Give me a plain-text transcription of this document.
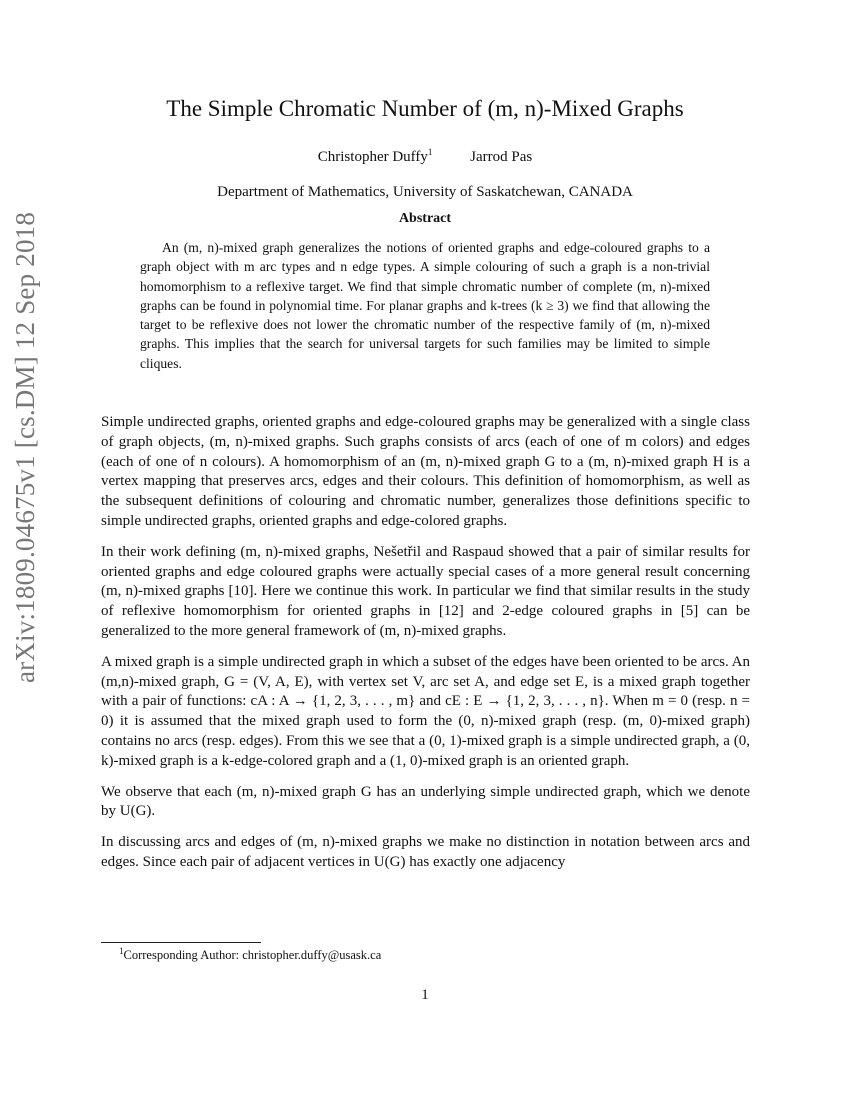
arXiv:1809.04675v1 [cs.DM] 12 Sep 2018
The Simple Chromatic Number of (m, n)-Mixed Graphs
Christopher Duffy$^1$	Jarrod Pas
Department of Mathematics, University of Saskatchewan, CANADA
Abstract

An (m, n)-mixed graph generalizes the notions of oriented graphs and edge-coloured graphs to a graph object with m arc types and n edge types. A simple colouring of such a graph is a non-trivial homomorphism to a reflexive target. We find that simple chromatic number of complete (m, n)-mixed graphs can be found in polynomial time. For planar graphs and k-trees (k ≥ 3) we find that allowing the target to be reflexive does not lower the chromatic number of the respective family of (m, n)-mixed graphs. This implies that the search for universal targets for such families may be limited to simple cliques.

Simple undirected graphs, oriented graphs and edge-coloured graphs may be generalized with a single class of graph objects, (m, n)-mixed graphs. Such graphs consists of arcs (each of one of m colors) and edges (each of one of n colours). A homomorphism of an (m, n)-mixed graph G to a (m, n)-mixed graph H is a vertex mapping that preserves arcs, edges and their colours. This definition of homomorphism, as well as the subsequent definitions of colouring and chromatic number, generalizes those definitions specific to simple undirected graphs, oriented graphs and edge-colored graphs.

In their work defining (m, n)-mixed graphs, Nešetřil and Raspaud showed that a pair of similar results for oriented graphs and edge coloured graphs were actually special cases of a more general result concerning (m, n)-mixed graphs [10]. Here we continue this work. In particular we find that similar results in the study of reflexive homomorphism for oriented graphs in [12] and 2-edge coloured graphs in [5] can be generalized to the more general framework of (m, n)-mixed graphs.

A mixed graph is a simple undirected graph in which a subset of the edges have been oriented to be arcs. An (m,n)-mixed graph, G = (V, A, E), with vertex set V, arc set A, and edge set E, is a mixed graph together with a pair of functions: cA : A → {1, 2, 3, . . . , m} and cE : E → {1, 2, 3, . . . , n}. When m = 0 (resp. n = 0) it is assumed that the mixed graph used to form the (0, n)-mixed graph (resp. (m, 0)-mixed graph) contains no arcs (resp. edges). From this we see that a (0, 1)-mixed graph is a simple undirected graph, a (0, k)-mixed graph is a k-edge-colored graph and a (1, 0)-mixed graph is an oriented graph.

We observe that each (m, n)-mixed graph G has an underlying simple undirected graph, which we denote by U(G).

In discussing arcs and edges of (m, n)-mixed graphs we make no distinction in notation between arcs and edges. Since each pair of adjacent vertices in U(G) has exactly one adjacency

$^1$Corresponding Author: christopher.duffy@usask.ca
1
